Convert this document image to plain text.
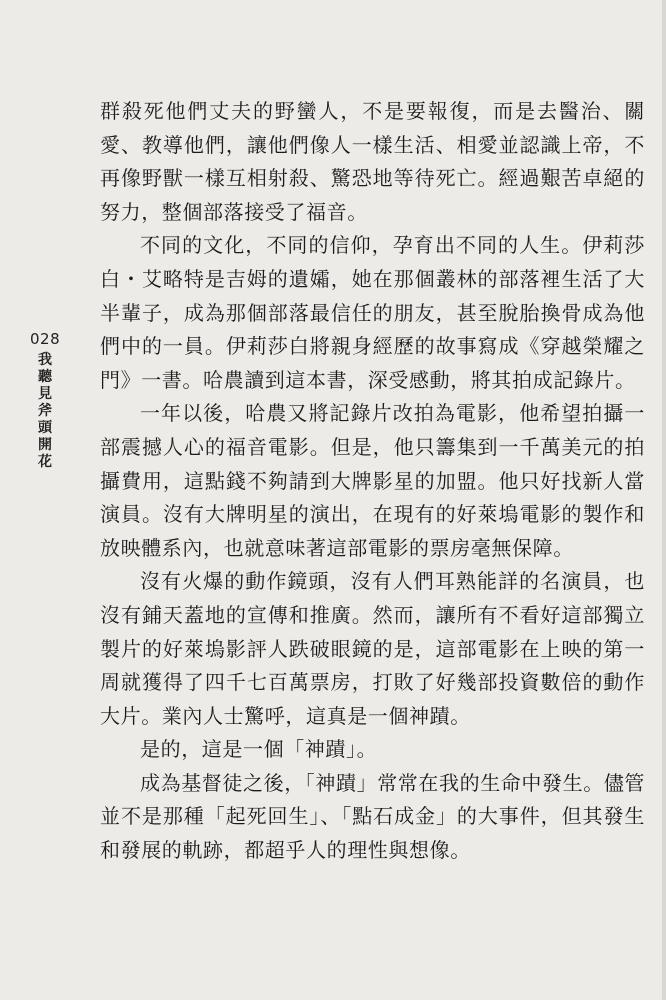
028
我聽見斧頭開花

群殺死他們丈夫的野蠻人，不是要報復，而是去醫治、關愛、教導他們，讓他們像人一樣生活、相愛並認識上帝，不再像野獸一樣互相射殺、驚恐地等待死亡。經過艱苦卓絕的努力，整個部落接受了福音。

不同的文化，不同的信仰，孕育出不同的人生。伊莉莎白・艾略特是吉姆的遺孀，她在那個叢林的部落裡生活了大半輩子，成為那個部落最信任的朋友，甚至脫胎換骨成為他們中的一員。伊莉莎白將親身經歷的故事寫成《穿越榮耀之門》一書。哈農讀到這本書，深受感動，將其拍成記錄片。

一年以後，哈農又將記錄片改拍為電影，他希望拍攝一部震撼人心的福音電影。但是，他只籌集到一千萬美元的拍攝費用，這點錢不夠請到大牌影星的加盟。他只好找新人當演員。沒有大牌明星的演出，在現有的好萊塢電影的製作和放映體系內，也就意味著這部電影的票房毫無保障。

沒有火爆的動作鏡頭，沒有人們耳熟能詳的名演員，也沒有鋪天蓋地的宣傳和推廣。然而，讓所有不看好這部獨立製片的好萊塢影評人跌破眼鏡的是，這部電影在上映的第一周就獲得了四千七百萬票房，打敗了好幾部投資數倍的動作大片。業內人士驚呼，這真是一個神蹟。

是的，這是一個「神蹟」。

成為基督徒之後，「神蹟」常常在我的生命中發生。儘管並不是那種「起死回生」、「點石成金」的大事件，但其發生和發展的軌跡，都超乎人的理性與想像。
